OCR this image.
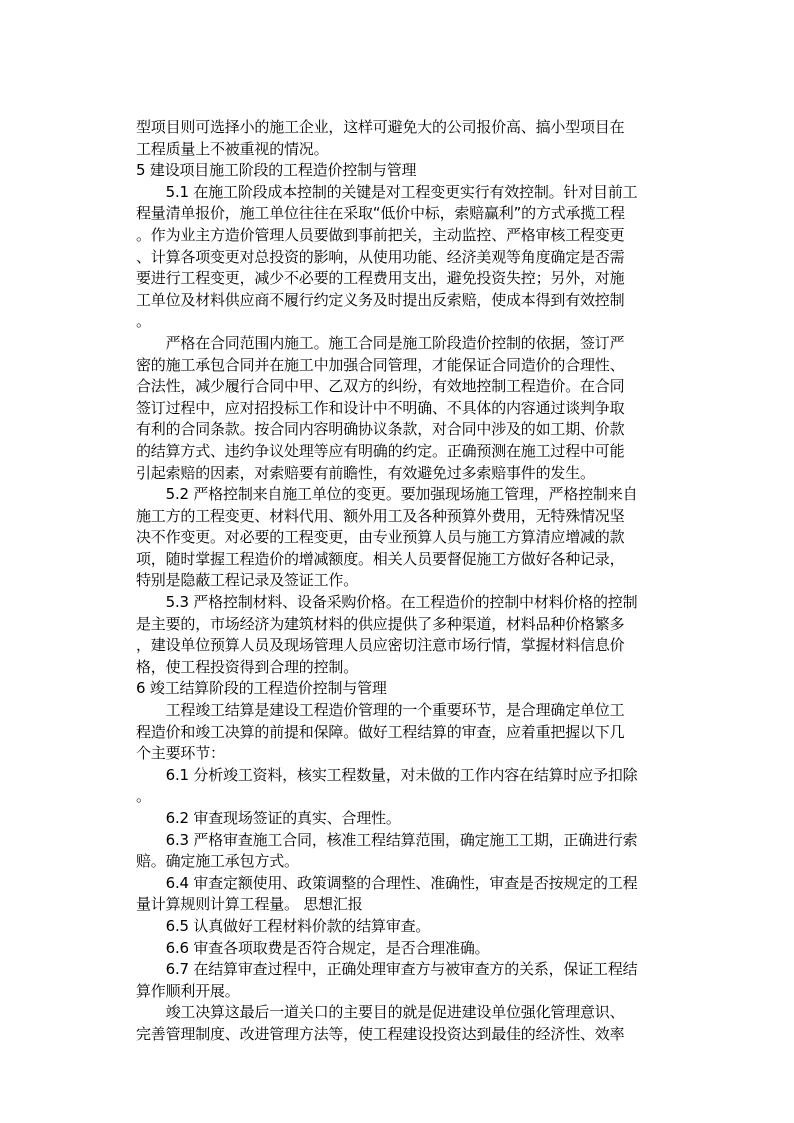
型项目则可选择小的施工企业，这样可避免大的公司报价高、搞小型项目在
工程质量上不被重视的情况。
5 建设项目施工阶段的工程造价控制与管理
　　5.1 在施工阶段成本控制的关键是对工程变更实行有效控制。针对目前工
程量清单报价，施工单位往往在采取“低价中标，索赔赢利”的方式承揽工程
。作为业主方造价管理人员要做到事前把关，主动监控、严格审核工程变更
、计算各项变更对总投资的影响，从使用功能、经济美观等角度确定是否需
要进行工程变更，减少不必要的工程费用支出，避免投资失控；另外，对施
工单位及材料供应商不履行约定义务及时提出反索赔，使成本得到有效控制
。
　　严格在合同范围内施工。施工合同是施工阶段造价控制的依据，签订严
密的施工承包合同并在施工中加强合同管理，才能保证合同造价的合理性、
合法性，减少履行合同中甲、乙双方的纠纷，有效地控制工程造价。在合同
签订过程中，应对招投标工作和设计中不明确、不具体的内容通过谈判争取
有利的合同条款。按合同内容明确协议条款，对合同中涉及的如工期、价款
的结算方式、违约争议处理等应有明确的约定。正确预测在施工过程中可能
引起索赔的因素，对索赔要有前瞻性，有效避免过多索赔事件的发生。
　　5.2 严格控制来自施工单位的变更。要加强现场施工管理，严格控制来自
施工方的工程变更、材料代用、额外用工及各种预算外费用，无特殊情况坚
决不作变更。对必要的工程变更，由专业预算人员与施工方算清应增减的款
项，随时掌握工程造价的增减额度。相关人员要督促施工方做好各种记录，
特别是隐蔽工程记录及签证工作。
　　5.3 严格控制材料、设备采购价格。在工程造价的控制中材料价格的控制
是主要的，市场经济为建筑材料的供应提供了多种渠道，材料品种价格繁多
，建设单位预算人员及现场管理人员应密切注意市场行情，掌握材料信息价
格，使工程投资得到合理的控制。
6 竣工结算阶段的工程造价控制与管理
　　工程竣工结算是建设工程造价管理的一个重要环节，是合理确定单位工
程造价和竣工决算的前提和保障。做好工程结算的审查，应着重把握以下几
个主要环节：
　　6.1 分析竣工资料，核实工程数量，对未做的工作内容在结算时应予扣除
。
　　6.2 审查现场签证的真实、合理性。
　　6.3 严格审查施工合同，核准工程结算范围，确定施工工期，正确进行索
赔。确定施工承包方式。
　　6.4 审查定额使用、政策调整的合理性、准确性，审查是否按规定的工程
量计算规则计算工程量。 思想汇报
　　6.5 认真做好工程材料价款的结算审查。
　　6.6 审查各项取费是否符合规定，是否合理准确。
　　6.7 在结算审查过程中，正确处理审查方与被审查方的关系，保证工程结
算作顺利开展。
　　竣工决算这最后一道关口的主要目的就是促进建设单位强化管理意识、
完善管理制度、改进管理方法等，使工程建设投资达到最佳的经济性、效率
